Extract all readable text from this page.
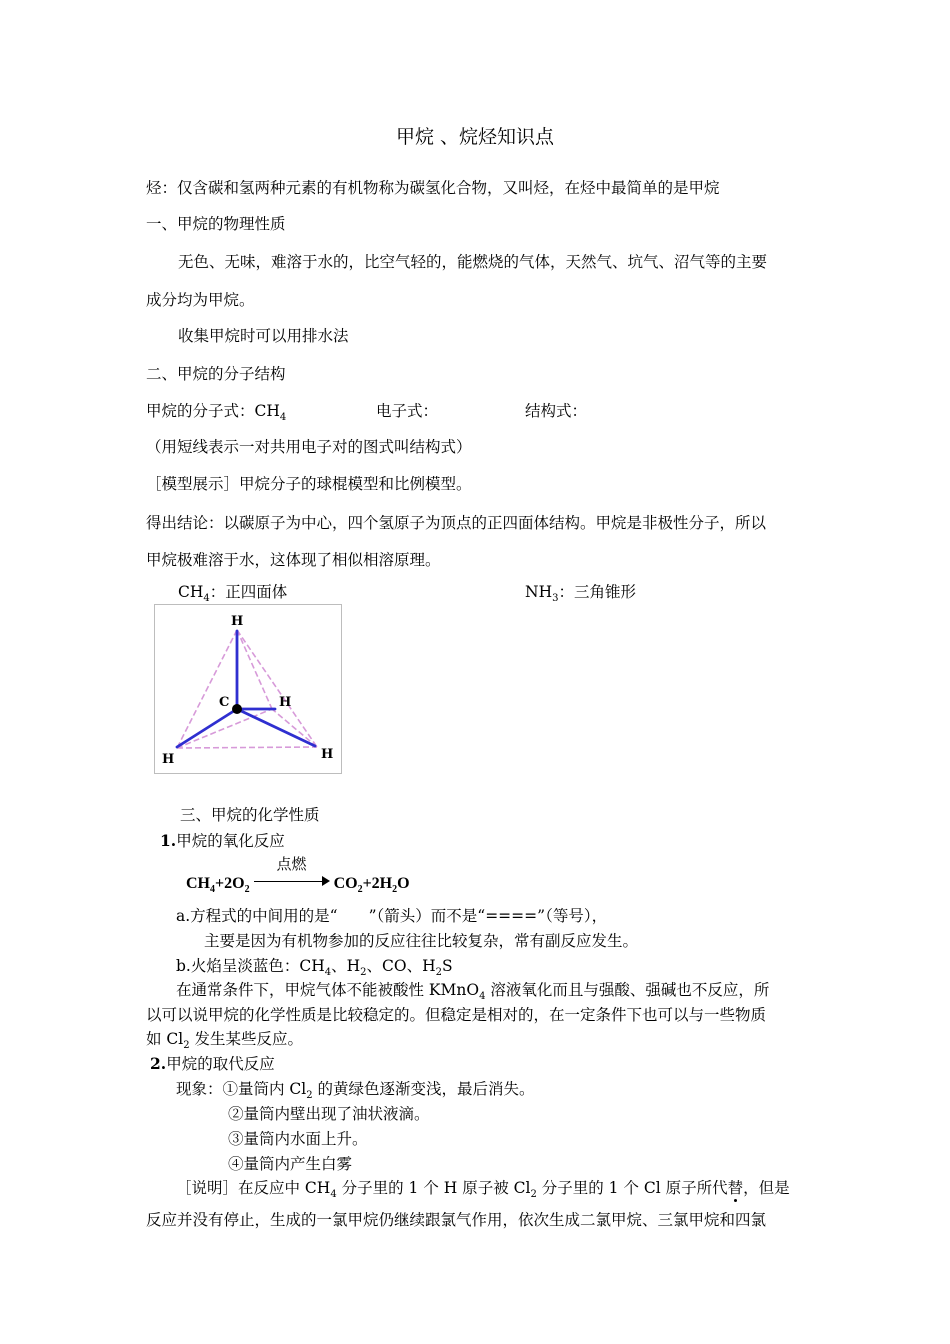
甲烷 、烷烃知识点
烃：仅含碳和氢两种元素的有机物称为碳氢化合物，又叫烃，在烃中最简单的是甲烷
一、甲烷的物理性质
无色、无味，难溶于水的，比空气轻的，能燃烧的气体，天然气、坑气、沼气等的主要
成分均为甲烷。
收集甲烷时可以用排水法
二、甲烷的分子结构
甲烷的分子式：$CH_4$	电子式：	结构式：
（用短线表示一对共用电子对的图式叫结构式）
［模型展示］甲烷分子的球棍模型和比例模型。
得出结论：以碳原子为中心，四个氢原子为顶点的正四面体结构。甲烷是非极性分子，所以
甲烷极难溶于水，这体现了相似相溶原理。
$CH_4$：正四面体	$NH_3$：三角锥形
H
C	H
H	H
三、甲烷的化学性质
1.甲烷的氧化反应
$CH_4+2O_2$
点燃
$CO_2+2H_2O$
a.方程式的中间用的是“　　”（箭头）而不是“====”（等号），
主要是因为有机物参加的反应往往比较复杂，常有副反应发生。
b.火焰呈淡蓝色：$CH_4$、$H_2$、CO、$H_2S$
在通常条件下，甲烷气体不能被酸性 KMnO$_4$ 溶液氧化而且与强酸、强碱也不反应，所
以可以说甲烷的化学性质是比较稳定的。但稳定是相对的，在一定条件下也可以与一些物质
如 $Cl_2$ 发生某些反应。
2.甲烷的取代反应
现象：①量筒内 $Cl_2$ 的黄绿色逐渐变浅，最后消失。
②量筒内壁出现了油状液滴。
③量筒内水面上升。
④量筒内产生白雾
［说明］在反应中 $CH_4$ 分子里的 1 个 H 原子被 $Cl_2$ 分子里的 1 个 Cl 原子所代替，但是
反应并没有停止，生成的一氯甲烷仍继续跟氯气作用，依次生成二氯甲烷、三氯甲烷和四氯
